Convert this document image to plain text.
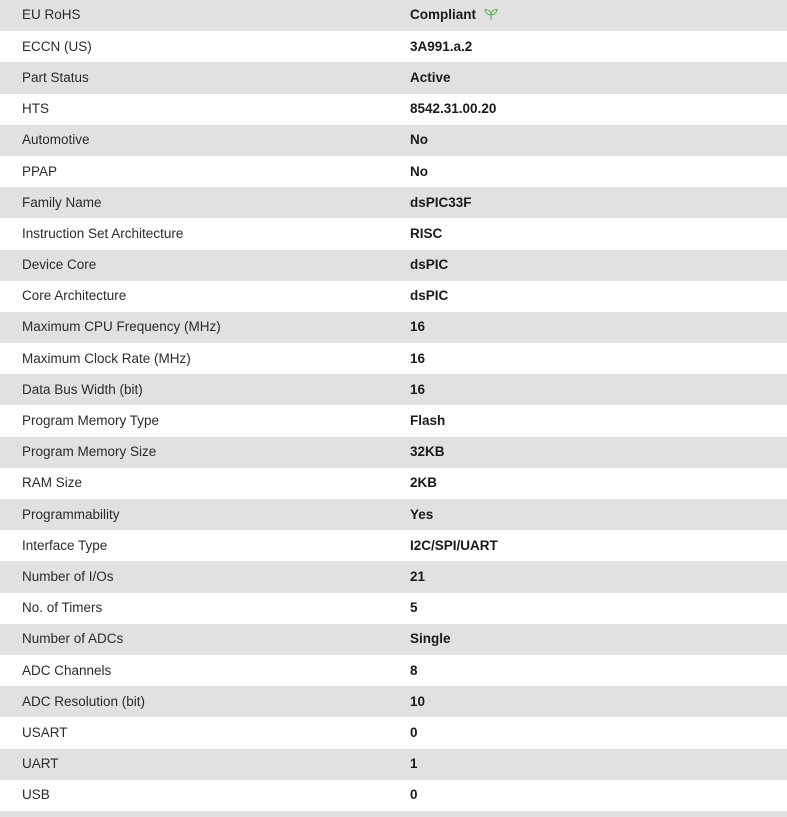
EU RoHS	Compliant

ECCN (US)	3A991.a.2
Part Status	Active
HTS	8542.31.00.20
Automotive	No
PPAP	No
Family Name	dsPIC33F
Instruction Set Architecture	RISC
Device Core	dsPIC
Core Architecture	dsPIC
Maximum CPU Frequency (MHz)	16
Maximum Clock Rate (MHz)	16
Data Bus Width (bit)	16
Program Memory Type	Flash
Program Memory Size	32KB
RAM Size	2KB
Programmability	Yes
Interface Type	I2C/SPI/UART
Number of I/Os	21
No. of Timers	5
Number of ADCs	Single
ADC Channels	8
ADC Resolution (bit)	10
USART	0
UART	1
USB	0
